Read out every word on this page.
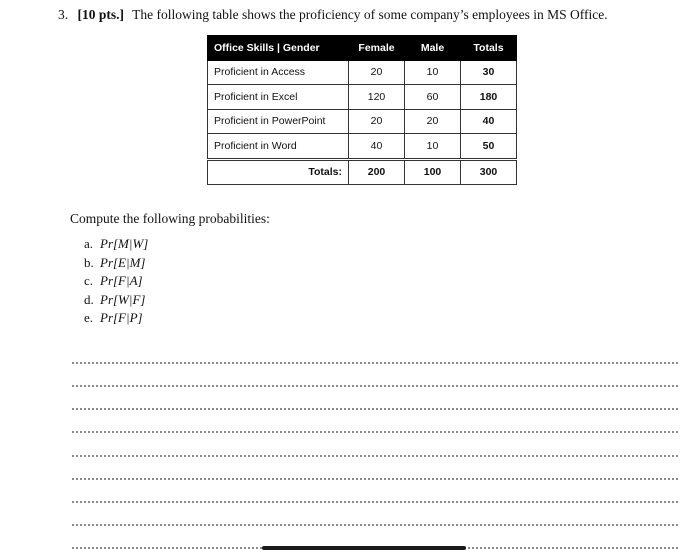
3. [10 pts.] The following table shows the proficiency of some company’s employees in MS Office.
Office Skills | Gender	Female	Male	Totals
Proficient in Access	20	10	30
Proficient in Excel	120	60	180
Proficient in PowerPoint	20	20	40
Proficient in Word	40	10	50
Totals:	200	100	300
Compute the following probabilities:
a. Pr[M|W]
b. Pr[E|M]
c. Pr[F|A]
d. Pr[W|F]
e. Pr[F|P]
